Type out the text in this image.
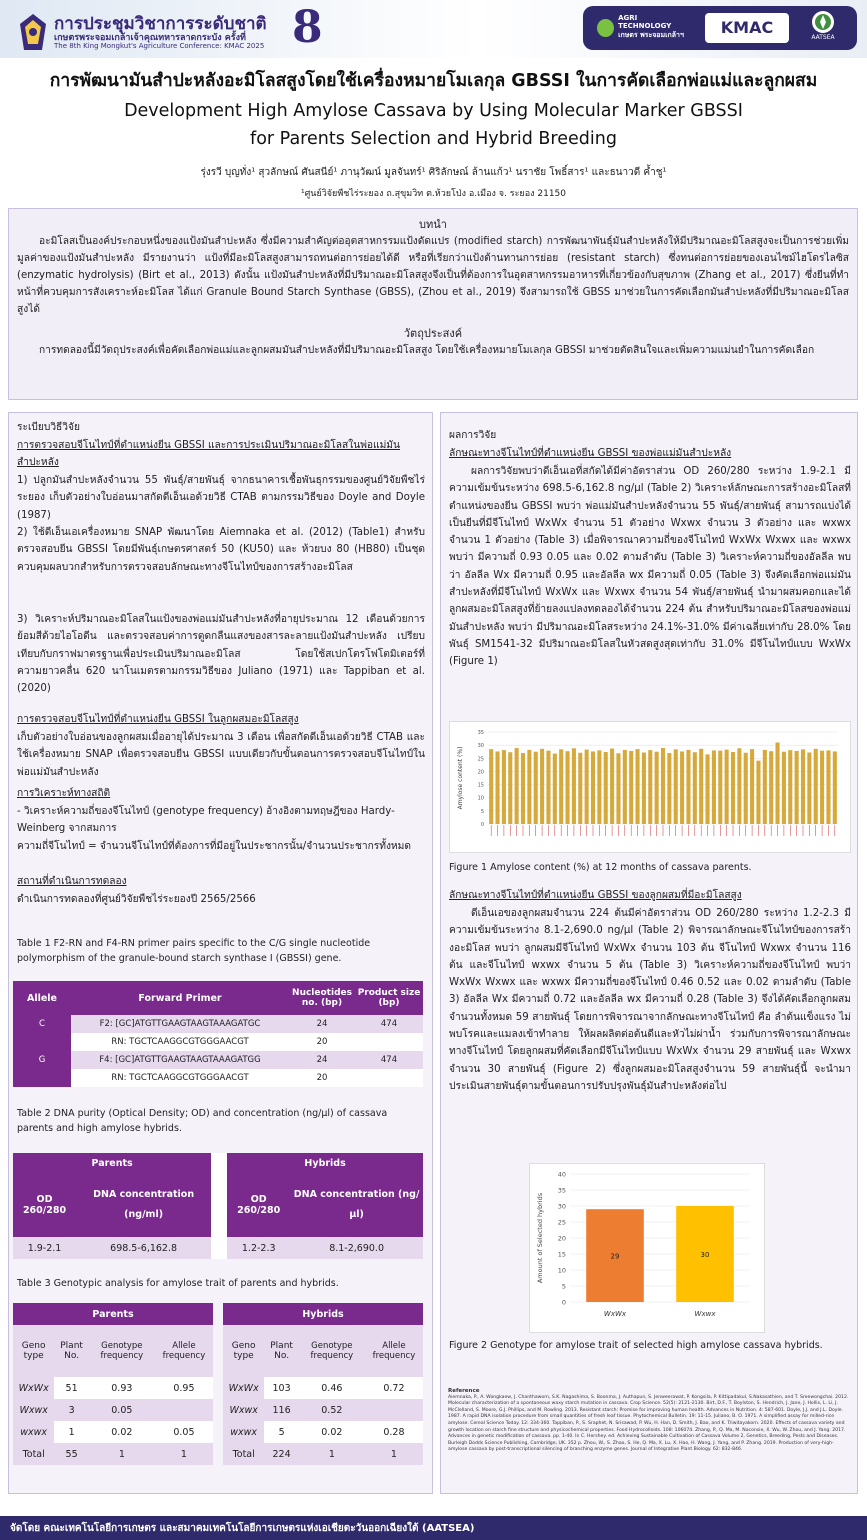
การประชุมวิชาการระดับชาติ
เกษตรพระจอมเกล้าเจ้าคุณทหารลาดกระบัง ครั้งที่
The 8th King Mongkut's Agriculture Conference: KMAC 2025 8	AGRI TECHNOLOGY
เกษตร พระจอมเกล้าฯ	KMAC
AATSEA
การพัฒนามันสำปะหลังอะมิโลสสูงโดยใช้เครื่องหมายโมเลกุล GBSSI ในการคัดเลือกพ่อแม่และลูกผสม
Development High Amylose Cassava by Using Molecular Marker GBSSI
for Parents Selection and Hybrid Breeding
รุ่งรวี บุญทั่ง¹ สุวลักษณ์ ศันสนีย์¹ ภานุวัฒน์ มูลจันทร์¹ ศิริลักษณ์ ล้านแก้ว¹ นราชัย โพธิ์สาร¹ และธนาวดี ค้ำชู¹
¹ศูนย์วิจัยพืชไร่ระยอง ถ.สุขุมวิท ต.ห้วยโป่ง อ.เมือง จ. ระยอง 21150
บทนำ
อะมิโลสเป็นองค์ประกอบหนึ่งของแป้งมันสำปะหลัง ซึ่งมีความสำคัญต่ออุตสาหกรรมแป้งดัดแปร (modified starch) การพัฒนาพันธุ์มันสำปะหลังให้มีปริมาณอะมิโลสสูงจะเป็นการช่วยเพิ่มมูลค่าของแป้งมันสำปะหลัง มีรายงานว่า แป้งที่มีอะมิโลสสูงสามารถทนต่อการย่อยได้ดี หรือที่เรียกว่าแป้งต้านทานการย่อย (resistant starch) ซึ่งทนต่อการย่อยของเอนไซม์ไฮโดรไลซิส (enzymatic hydrolysis) (Birt et al., 2013) ดังนั้น แป้งมันสำปะหลังที่มีปริมาณอะมิโลสสูงจึงเป็นที่ต้องการในอุตสาหกรรมอาหารที่เกี่ยวข้องกับสุขภาพ (Zhang et al., 2017) ซึ่งยีนที่ทำหน้าที่ควบคุมการสังเคราะห์อะมิโลส ได้แก่ Granule Bound Starch Synthase (GBSS), (Zhou et al., 2019) จึงสามารถใช้ GBSS มาช่วยในการคัดเลือกมันสำปะหลังที่มีปริมาณอะมิโลสสูงได้
วัตถุประสงค์
การทดลองนี้มีวัตถุประสงค์เพื่อคัดเลือกพ่อแม่และลูกผสมมันสำปะหลังที่มีปริมาณอะมิโลสสูง โดยใช้เครื่องหมายโมเลกุล GBSSI มาช่วยตัดสินใจและเพิ่มความแม่นยำในการคัดเลือก
ระเบียบวิธีวิจัย
การตรวจสอบจีโนไทป์ที่ตำแหน่งยีน GBSSI และการประเมินปริมาณอะมิโลสในพ่อแม่มันสำปะหลัง
1) ปลูกมันสำปะหลังจำนวน 55 พันธุ์/สายพันธุ์ จากธนาคารเชื้อพันธุกรรมของศูนย์วิจัยพืชไร่ระยอง เก็บตัวอย่างใบอ่อนมาสกัดดีเอ็นเอด้วยวิธี CTAB ตามกรรมวิธีของ Doyle and Doyle (1987)
2) ใช้ดีเอ็นเอเครื่องหมาย SNAP พัฒนาโดย Aiemnaka et al. (2012) (Table1) สำหรับตรวจสอบยีน GBSSI โดยมีพันธุ์เกษตรศาสตร์ 50 (KU50) และ ห้วยบง 80 (HB80) เป็นชุดควบคุมผลบวกสำหรับการตรวจสอบลักษณะทางจีโนไทป์ของการสร้างอะมิโลส
3) วิเคราะห์ปริมาณอะมิโลสในแป้งของพ่อแม่มันสำปะหลังที่อายุประมาณ 12 เดือนด้วยการย้อมสีด้วยไอโอดีน และตรวจสอบค่าการดูดกลืนแสงของสารละลายแป้งมันสำปะหลัง เปรียบเทียบกับกราฟมาตรฐานเพื่อประเมินปริมาณอะมิโลส โดยใช้สเปกโตรโฟโตมิเตอร์ที่ความยาวคลื่น 620 นาโนเมตรตามกรรมวิธีของ Juliano (1971) และ Tappiban et al. (2020)
การตรวจสอบจีโนไทป์ที่ตำแหน่งยีน GBSSI ในลูกผสมอะมิโลสสูง
เก็บตัวอย่างใบอ่อนของลูกผสมเมื่ออายุได้ประมาณ 3 เดือน เพื่อสกัดดีเอ็นเอด้วยวิธี CTAB และใช้เครื่องหมาย SNAP เพื่อตรวจสอบยีน GBSSI แบบเดียวกับขั้นตอนการตรวจสอบจีโนไทป์ในพ่อแม่มันสำปะหลัง
การวิเคราะห์ทางสถิติ
- วิเคราะห์ความถี่ของจีโนไทป์ (genotype frequency) อ้างอิงตามทฤษฎีของ Hardy-Weinberg จากสมการ
ความถี่จีโนไทป์ = จำนวนจีโนไทป์ที่ต้องการที่มีอยู่ในประชากรนั้น/จำนวนประชากรทั้งหมด
สถานที่ดำเนินการทดลอง
ดำเนินการทดลองที่ศูนย์วิจัยพืชไร่ระยองปี 2565/2566
Table 1 F2-RN and F4-RN primer pairs specific to the C/G single nucleotide polymorphism of the granule-bound starch synthase I (GBSSI) gene.
Allele	Forward Primer	Nucleotides no. (bp)	Product size (bp)
C	F2: [GC]ATGTTGAAGTAAGTAAAGATGC	24	474
	RN: TGCTCAAGGCGTGGGAACGT	20	
G	F4: [GC]ATGTTGAAGTAAGTAAAGATGG	24	474
	RN: TGCTCAAGGCGTGGGAACGT	20	
Table 2 DNA purity (Optical Density; OD) and concentration (ng/µl) of cassava parents and high amylose hybrids.
Parents			Hybrids	
OD 260/280	DNA concentration (ng/ml)		OD 260/280	DNA concentration (ng/µl)
1.9-2.1	698.5-6,162.8		1.2-2.3	8.1-2,690.0
Table 3 Genotypic analysis for amylose trait of parents and hybrids.
Parents			
Geno type	Plant No.	Genotype frequency	Allele frequency
WxWx	51	0.93	0.95
Wxwx	3	0.05	
wxwx	1	0.02	0.05
Total	55	1	1
Hybrids			
Geno type	Plant No.	Genotype frequency	Allele frequency
WxWx	103	0.46	0.72
Wxwx	116	0.52	
wxwx	5	0.02	0.28
Total	224	1	1
ผลการวิจัย
ลักษณะทางจีโนไทป์ที่ตำแหน่งยีน GBSSI ของพ่อแม่มันสำปะหลัง
ผลการวิจัยพบว่าดีเอ็นเอที่สกัดได้มีค่าอัตราส่วน OD 260/280 ระหว่าง 1.9-2.1 มีความเข้มข้นระหว่าง 698.5-6,162.8 ng/µl (Table 2) วิเคราะห์ลักษณะการสร้างอะมิโลสที่ตำแหน่งของยีน GBSSI พบว่า พ่อแม่มันสำปะหลังจำนวน 55 พันธุ์/สายพันธุ์ สามารถแบ่งได้เป็นยีนที่มีจีโนไทป์ WxWx จำนวน 51 ตัวอย่าง Wxwx จำนวน 3 ตัวอย่าง และ wxwx จำนวน 1 ตัวอย่าง (Table 3) เมื่อพิจารณาความถี่ของจีโนไทป์ WxWx Wxwx และ wxwx พบว่า มีความถี่ 0.93 0.05 และ 0.02 ตามลำดับ (Table 3) วิเคราะห์ความถี่ของอัลลีล พบว่า อัลลีล Wx มีความถี่ 0.95 และอัลลีล wx มีความถี่ 0.05 (Table 3) จึงคัดเลือกพ่อแม่มันสำปะหลังที่มีจีโนไทป์ WxWx และ Wxwx จำนวน 54 พันธุ์/สายพันธุ์ นำมาผสมคอกและได้ลูกผสมอะมิโลสสูงที่ย้ายลงแปลงทดลองได้จำนวน 224 ต้น สำหรับปริมาณอะมิโลสของพ่อแม่มันสำปะหลัง พบว่า มีปริมาณอะมิโลสระหว่าง 24.1%-31.0% มีค่าเฉลี่ยเท่ากับ 28.0% โดยพันธุ์ SM1541-32 มีปริมาณอะมิโลสในหัวสดสูงสุดเท่ากับ 31.0% มีจีโนไทป์แบบ WxWx (Figure 1)
0
5
10
15
20
25
30
35
Amylose content (%)
Figure 1 Amylose content (%) at 12 months of cassava parents.
ลักษณะทางจีโนไทป์ที่ตำแหน่งยีน GBSSI ของลูกผสมที่มีอะมิโลสสูง
ดีเอ็นเอของลูกผสมจำนวน 224 ต้นมีค่าอัตราส่วน OD 260/280 ระหว่าง 1.2-2.3 มีความเข้มข้นระหว่าง 8.1-2,690.0 ng/µl (Table 2) พิจารณาลักษณะจีโนไทป์ของการสร้างอะมิโลส พบว่า ลูกผสมมีจีโนไทป์ WxWx จำนวน 103 ต้น จีโนไทป์ Wxwx จำนวน 116 ต้น และจีโนไทป์ wxwx จำนวน 5 ต้น (Table 3) วิเคราะห์ความถี่ของจีโนไทป์ พบว่า WxWx Wxwx และ wxwx มีความถี่ของจีโนไทป์ 0.46 0.52 และ 0.02 ตามลำดับ (Table 3) อัลลีล Wx มีความถี่ 0.72 และอัลลีล wx มีความถี่ 0.28 (Table 3) จึงได้คัดเลือกลูกผสมจำนวนทั้งหมด 59 สายพันธุ์ โดยการพิจารณาจากลักษณะทางจีโนไทป์ คือ ลำต้นแข็งแรง ไม่พบโรคและแมลงเข้าทำลาย ให้ผลผลิตต่อต้นดีและหัวไม่ผ่าน้ำ ร่วมกับการพิจารณาลักษณะทางจีโนไทป์ โดยลูกผสมที่คัดเลือกมีจีโนไทป์แบบ WxWx จำนวน 29 สายพันธุ์ และ Wxwx จำนวน 30 สายพันธุ์ (Figure 2) ซึ่งลูกผสมอะมิโลสสูงจำนวน 59 สายพันธุ์นี้ จะนำมาประเมินสายพันธุ์ตามขั้นตอนการปรับปรุงพันธุ์มันสำปะหลังต่อไป
0
5
10
15
20
25
30
35
40
29
WxWx
30
Wxwx
Amount of Selected hybrids
Figure 2 Genotype for amylose trait of selected high amylose cassava hybrids.
Reference
Aiemnaka, P., A. Wongkaew, J. Chanthaworn, S.K. Nagashima, S. Boonma, J. Authapun, S. Jenweerawat, P. Kongsila, P. Kittipadakul, S.Nakasathien, and T. Sreewongchai. 2012. Molecular characterization of a spontaneous waxy starch mutation in cassava. Crop Science. 52(5): 2121-2130. Birt, D.F., T. Boylston, S. Hendrich, J. Jane, J. Hollis, L. Li, J. McClelland, S. Moore, G.J. Phillips, and M. Rowling. 2013. Resistant starch: Promise for improving human health. Advances in Nutrition. 4: 587-601. Doyle, J.J. and J.L. Doyle. 1987. A rapid DNA isolation procedure from small quantities of fresh leaf tissue. Phytochemical Bulletin. 19: 11-15. Juliano, B. O. 1971. A simplified assay for milled-rice amylose. Cereal Science Today. 12: 334-360. Tappiban, P., S. Sraphet, N. Srisawad, P. Wu, H. Han, D. Smith, J. Bao, and K. Triwitayakorn. 2020. Effects of cassava variety and growth location on starch fine structure and physicochemical properties. Food Hydrocolloids. 108: 106074. Zhang, P., Q. Ma, M. Naconsie, X. Wu, W. Zhou, and J. Yang. 2017. Advances in genetic modification of cassava. pp. 1-40. In C. Hershey. ed. Achieving Sustainable Cultivation of Cassava Volume 2, Genetics, Breeding, Pests and Diseases. Burleigh Dodds Science Publishing, Cambridge, UK. 352 p. Zhou, W., S. Zhao, S. He, Q. Ma, X. Lu, X. Hao, H. Wang, J. Yang, and P. Zhang. 2019. Production of very-high-amylose cassava by post-transcriptional silencing of branching enzyme genes. Journal of Integrative Plant Biology. 62: 832-846.
จัดโดย คณะเทคโนโลยีการเกษตร และสมาคมเทคโนโลยีการเกษตรแห่งเอเชียตะวันออกเฉียงใต้ (AATSEA)
